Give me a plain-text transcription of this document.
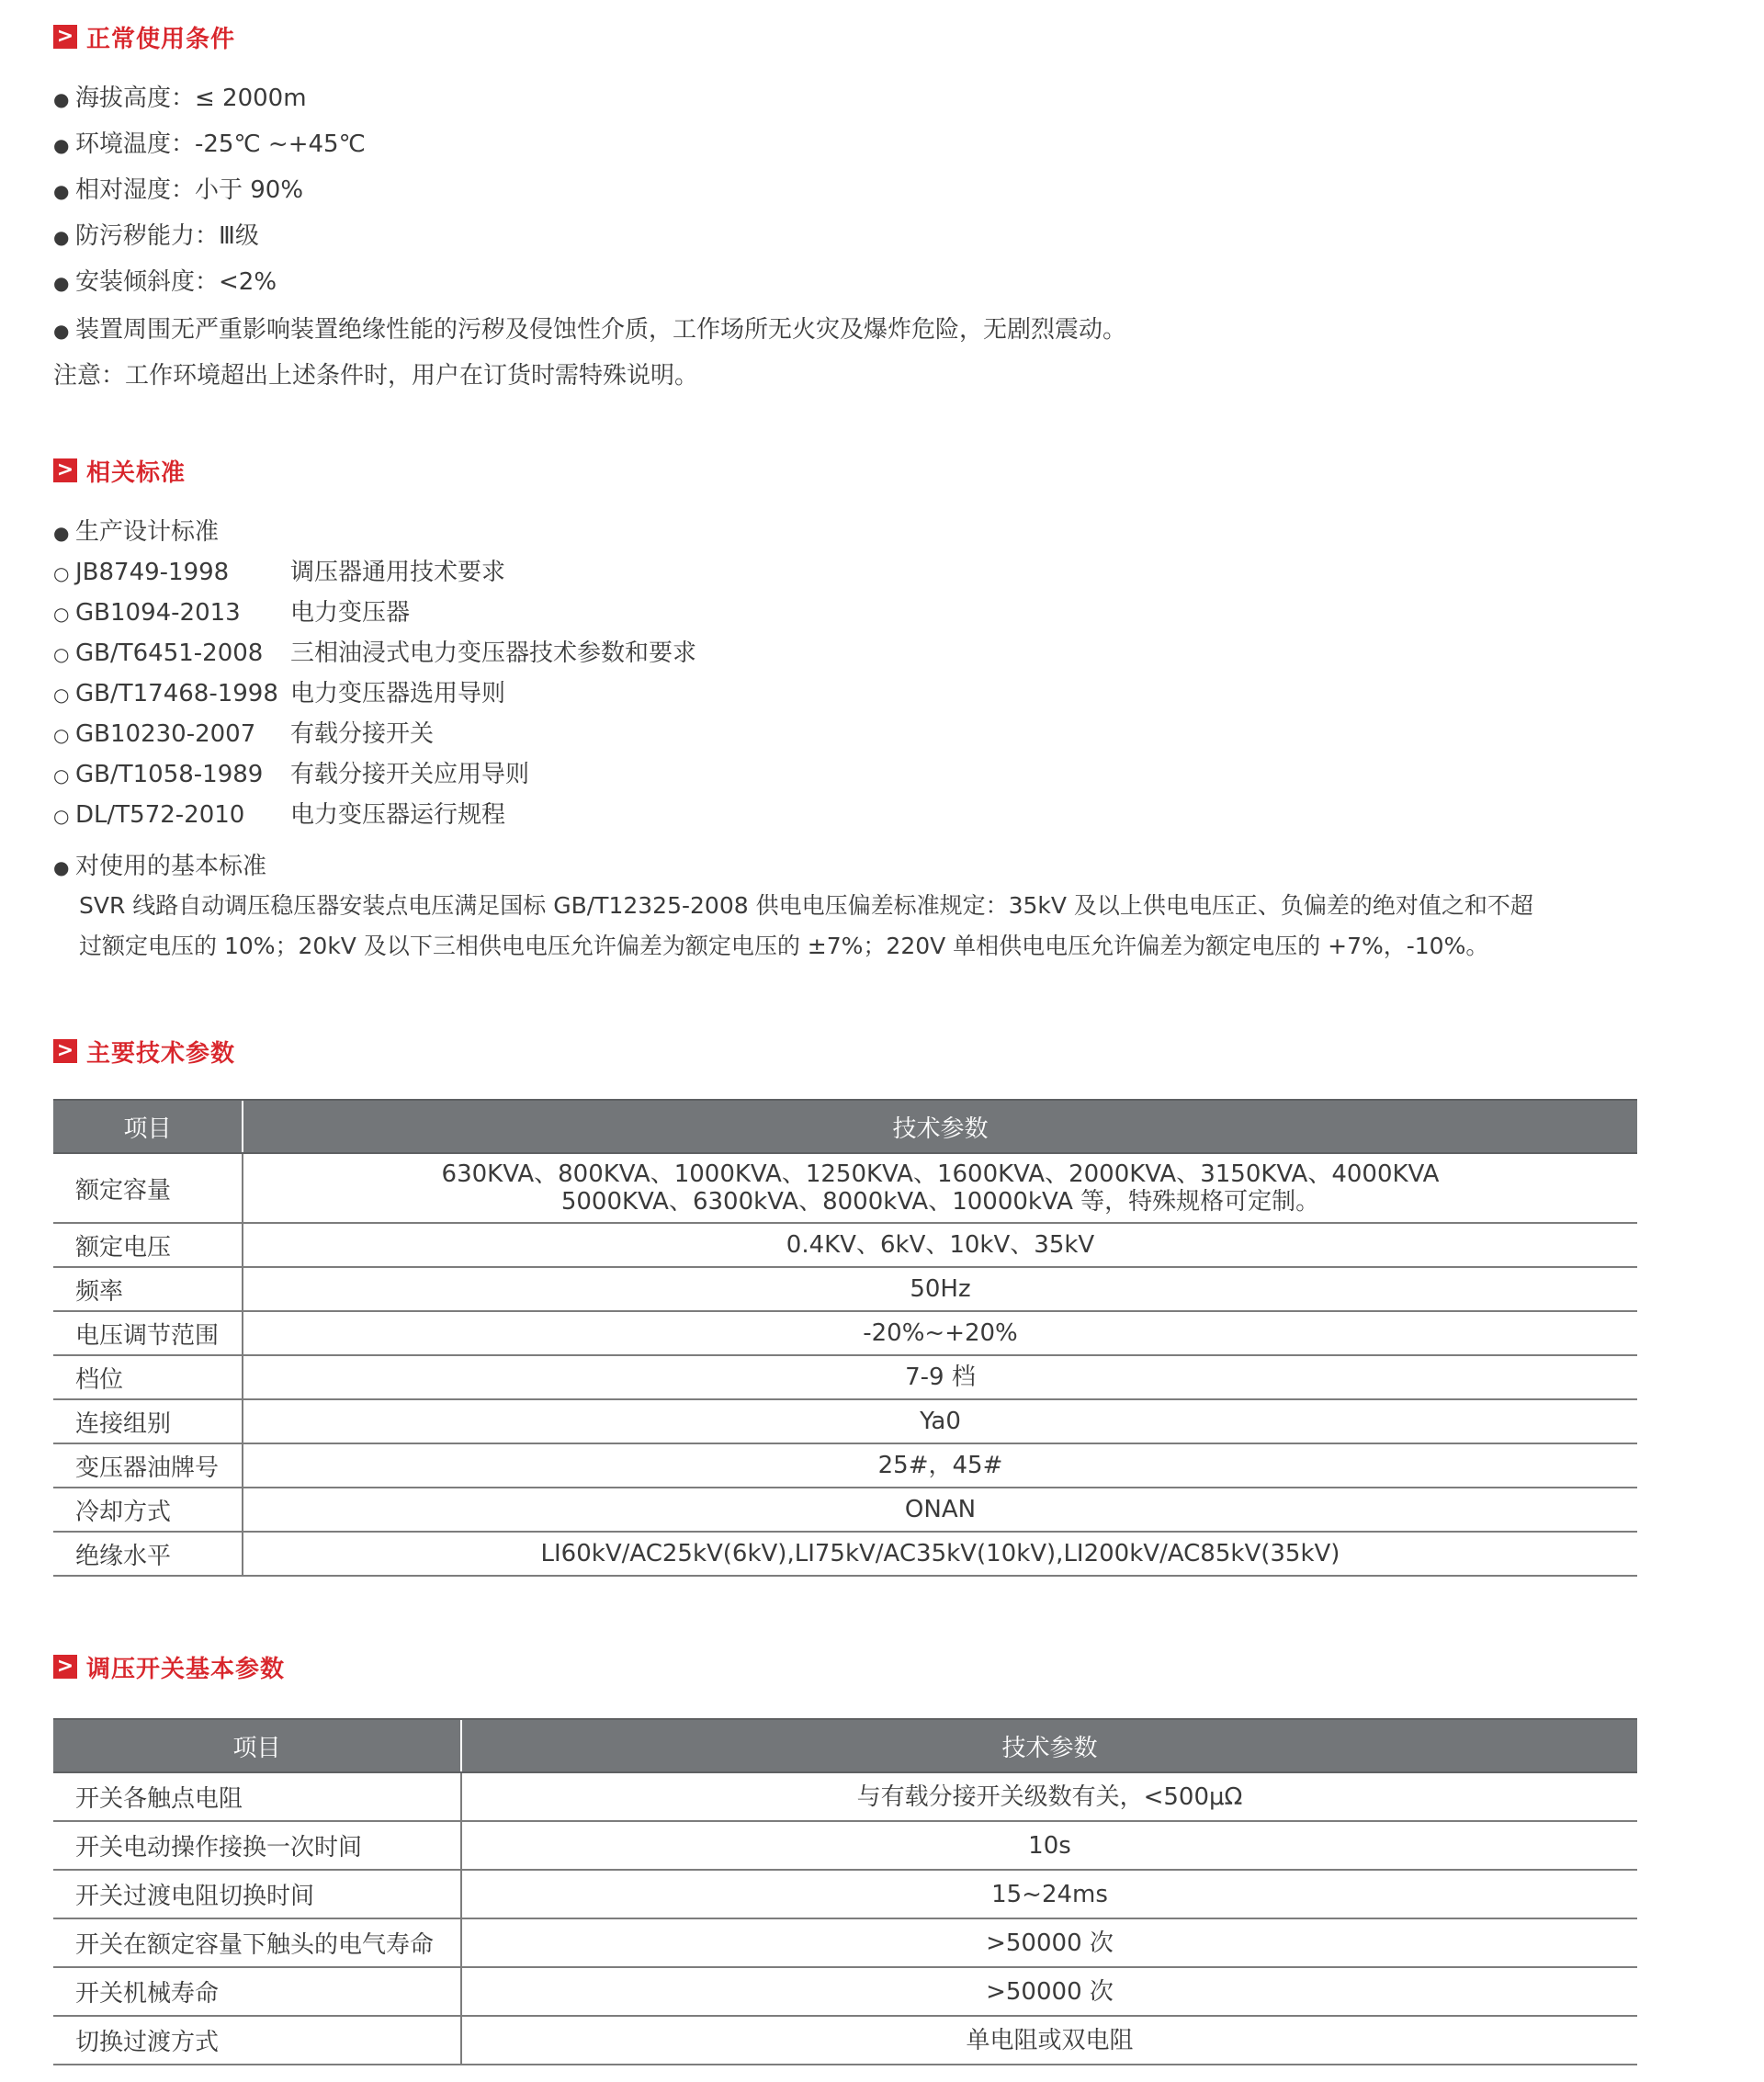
> 正常使用条件
● 海拔高度：≤ 2000m
● 环境温度：-25℃ ~+45℃
● 相对湿度：小于 90%
● 防污秽能力：Ⅲ级
● 安装倾斜度：<2%
● 装置周围无严重影响装置绝缘性能的污秽及侵蚀性介质，工作场所无火灾及爆炸危险，无剧烈震动。
注意：工作环境超出上述条件时，用户在订货时需特殊说明。
> 相关标准
● 生产设计标准
○ JB8749-1998	调压器通用技术要求
○ GB1094-2013 电力变压器
○ GB/T6451-2008 三相油浸式电力变压器技术参数和要求
○ GB/T17468-1998 电力变压器选用导则
○ GB10230-2007 有载分接开关
○ GB/T1058-1989 有载分接开关应用导则
○ DL/T572-2010 电力变压器运行规程
● 对使用的基本标准
SVR 线路自动调压稳压器安装点电压满足国标 GB/T12325-2008 供电电压偏差标准规定：35kV 及以上供电电压正、负偏差的绝对值之和不超
过额定电压的 10%；20kV 及以下三相供电电压允许偏差为额定电压的 ±7%；220V 单相供电电压允许偏差为额定电压的 +7%，-10%。
> 主要技术参数
项目	技术参数
额定容量	630KVA、800KVA、1000KVA、1250KVA、1600KVA、2000KVA、3150KVA、4000KVA
5000KVA、6300kVA、8000kVA、10000kVA 等，特殊规格可定制。

额定电压	0.4KV、6kV、10kV、35kV
频率	50Hz
电压调节范围	-20%~+20%
档位	7-9 档
连接组别	Ya0
变压器油牌号	25#，45#
冷却方式	ONAN
绝缘水平	LI60kV/AC25kV(6kV),LI75kV/AC35kV(10kV),LI200kV/AC85kV(35kV)
> 调压开关基本参数
项目	技术参数
开关各触点电阻	与有载分接开关级数有关，<500μΩ
开关电动操作接换一次时间	10s
开关过渡电阻切换时间	15~24ms
开关在额定容量下触头的电气寿命	>50000 次
开关机械寿命	>50000 次
切换过渡方式	单电阻或双电阻
